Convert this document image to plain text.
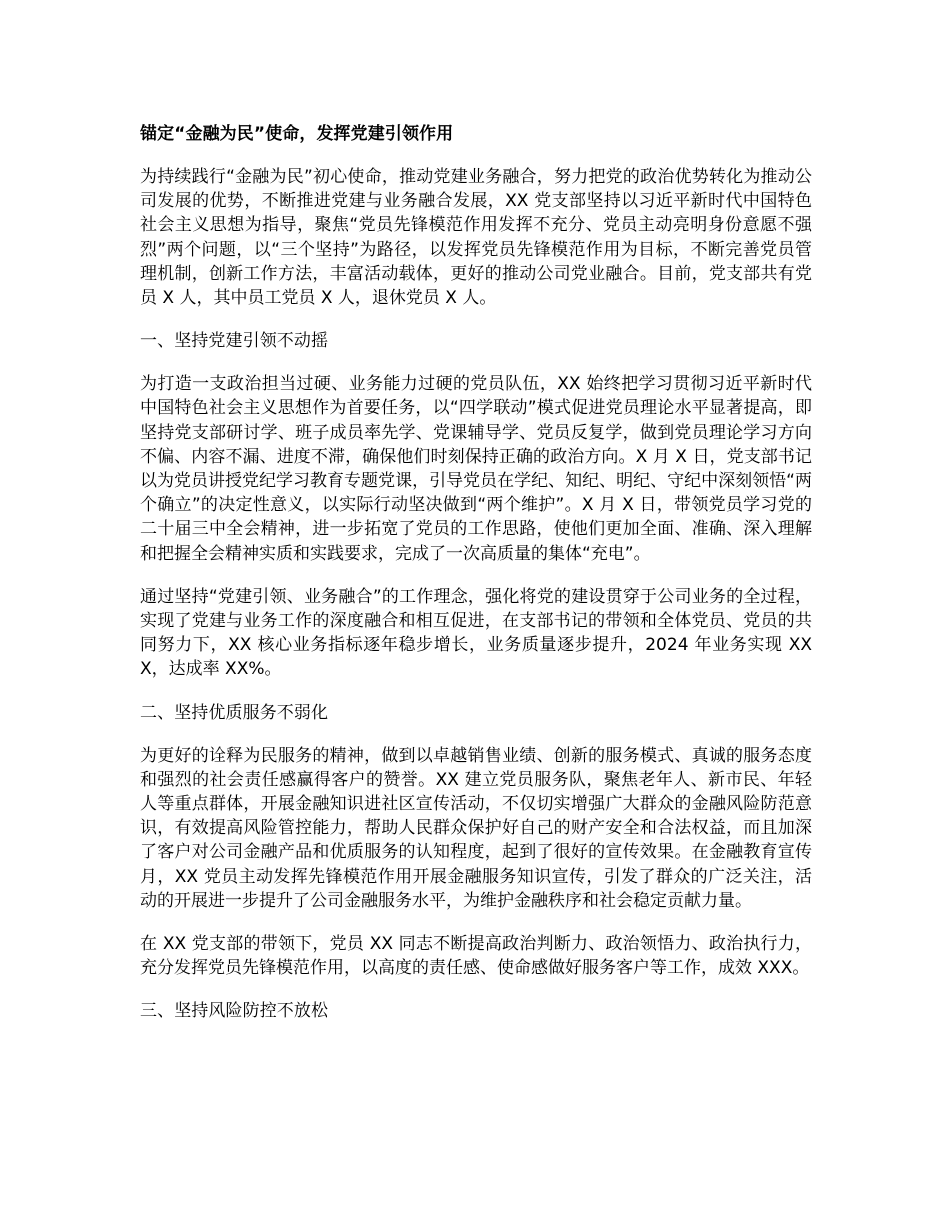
锚定“金融为民”使命，发挥党建引领作用

为持续践行“金融为民”初心使命，推动党建业务融合，努力把党的政治优势转化为推动公司发展的优势，不断推进党建与业务融合发展，XX 党支部坚持以习近平新时代中国特色社会主义思想为指导，聚焦“党员先锋模范作用发挥不充分、党员主动亮明身份意愿不强烈”两个问题，以“三个坚持”为路径，以发挥党员先锋模范作用为目标，不断完善党员管理机制，创新工作方法，丰富活动载体，更好的推动公司党业融合。目前，党支部共有党员 X 人，其中员工党员 X 人，退休党员 X 人。

一、坚持党建引领不动摇

为打造一支政治担当过硬、业务能力过硬的党员队伍，XX 始终把学习贯彻习近平新时代中国特色社会主义思想作为首要任务，以“四学联动”模式促进党员理论水平显著提高，即坚持党支部研讨学、班子成员率先学、党课辅导学、党员反复学，做到党员理论学习方向不偏、内容不漏、进度不滞，确保他们时刻保持正确的政治方向。X 月 X 日，党支部书记以为党员讲授党纪学习教育专题党课，引导党员在学纪、知纪、明纪、守纪中深刻领悟“两个确立”的决定性意义，以实际行动坚决做到“两个维护”。X 月 X 日，带领党员学习党的二十届三中全会精神，进一步拓宽了党员的工作思路，使他们更加全面、准确、深入理解和把握全会精神实质和实践要求，完成了一次高质量的集体“充电”。

通过坚持“党建引领、业务融合”的工作理念，强化将党的建设贯穿于公司业务的全过程，实现了党建与业务工作的深度融合和相互促进，在支部书记的带领和全体党员、党员的共同努力下，XX 核心业务指标逐年稳步增长，业务质量逐步提升，2024 年业务实现 XXX，达成率 XX%。

二、坚持优质服务不弱化

为更好的诠释为民服务的精神，做到以卓越销售业绩、创新的服务模式、真诚的服务态度和强烈的社会责任感赢得客户的赞誉。XX 建立党员服务队，聚焦老年人、新市民、年轻人等重点群体，开展金融知识进社区宣传活动，不仅切实增强广大群众的金融风险防范意识，有效提高风险管控能力，帮助人民群众保护好自己的财产安全和合法权益，而且加深了客户对公司金融产品和优质服务的认知程度，起到了很好的宣传效果。在金融教育宣传月，XX 党员主动发挥先锋模范作用开展金融服务知识宣传，引发了群众的广泛关注，活动的开展进一步提升了公司金融服务水平，为维护金融秩序和社会稳定贡献力量。

在 XX 党支部的带领下，党员 XX 同志不断提高政治判断力、政治领悟力、政治执行力，充分发挥党员先锋模范作用，以高度的责任感、使命感做好服务客户等工作，成效 XXX。

三、坚持风险防控不放松
